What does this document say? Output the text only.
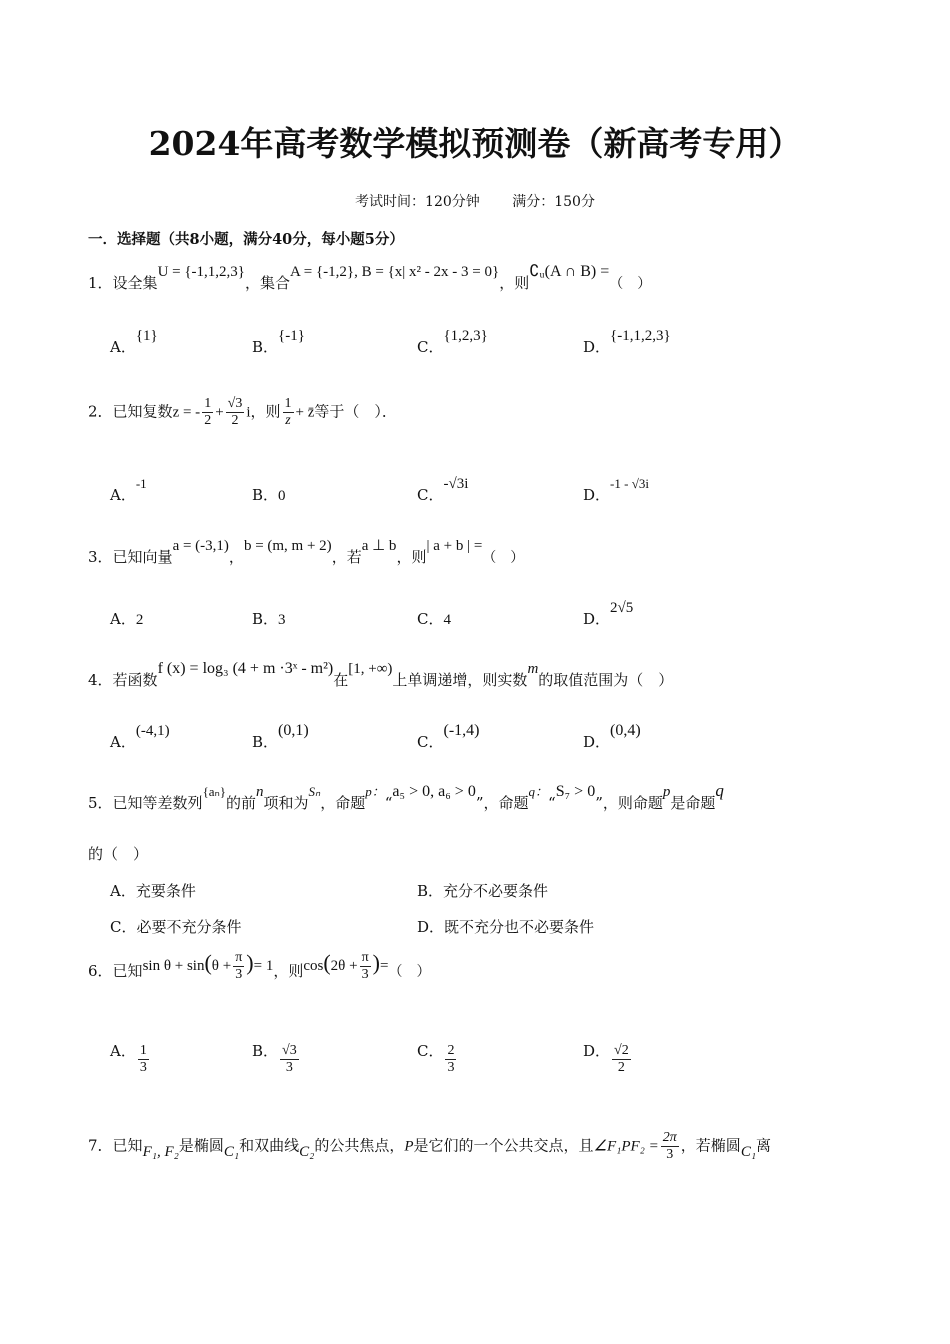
2024年高考数学模拟预测卷（新高考专用）
考试时间：120分钟 满分：150分
一．选择题（共8小题，满分40分，每小题5分）
1．设全集U = {-1,1,2,3}，集合A = {-1,2}, B = {x| x² - 2x - 3 = 0}，则∁ᵤ(A ∩ B) =（　）
A．{1}
B．{-1}
C．{1,2,3}
D．{-1,1,2,3}
2．已知复数z = - $\frac{1}{2} + \frac{√3}{2}$ i，则 $\frac{1}{z}$ + z̄等于（　）．
A．-1
B．0	C．-√3i
D．-1 - √3i
3．已知向量a = (-3,1)，b = (m, m + 2)，若a ⊥ b，则| a + b | =（　）
A．2	B．3	C．4	D．2√5
4．若函数f (x) = log₃ (4 + m ·3ˣ - m²)在[1, +∞)上单调递增，则实数m的取值范围为（　）
A．(-4,1)
B．(0,1)
C．(-1,4)
D．(0,4)
5．已知等差数列{aₙ}的前n项和为Sₙ，命题p：“a₅ > 0, a₆ > 0”，命题q：“S₇ > 0”，则命题p是命题q
的（　）
A．充要条件	B．充分不必要条件
C．必要不充分条件	D．既不充分也不必要条件
6．已知$\sin \theta + \sin(\theta + \frac{\pi}{3}$ )= 1，则$\cos(2\theta + \frac{\pi}{3}$ )=（　）
A． $\frac{1}{3}$	B． $\frac{√3}{3}$	C． $\frac{2}{3}$	D． $\frac{√2}{2}$
7．已知F₁, F₂是椭圆C₁和双曲线C₂的公共焦点，P是它们的一个公共交点，且∠F₁PF₂ = $\frac{2\pi}{3}$ ，若椭圆C₁离
